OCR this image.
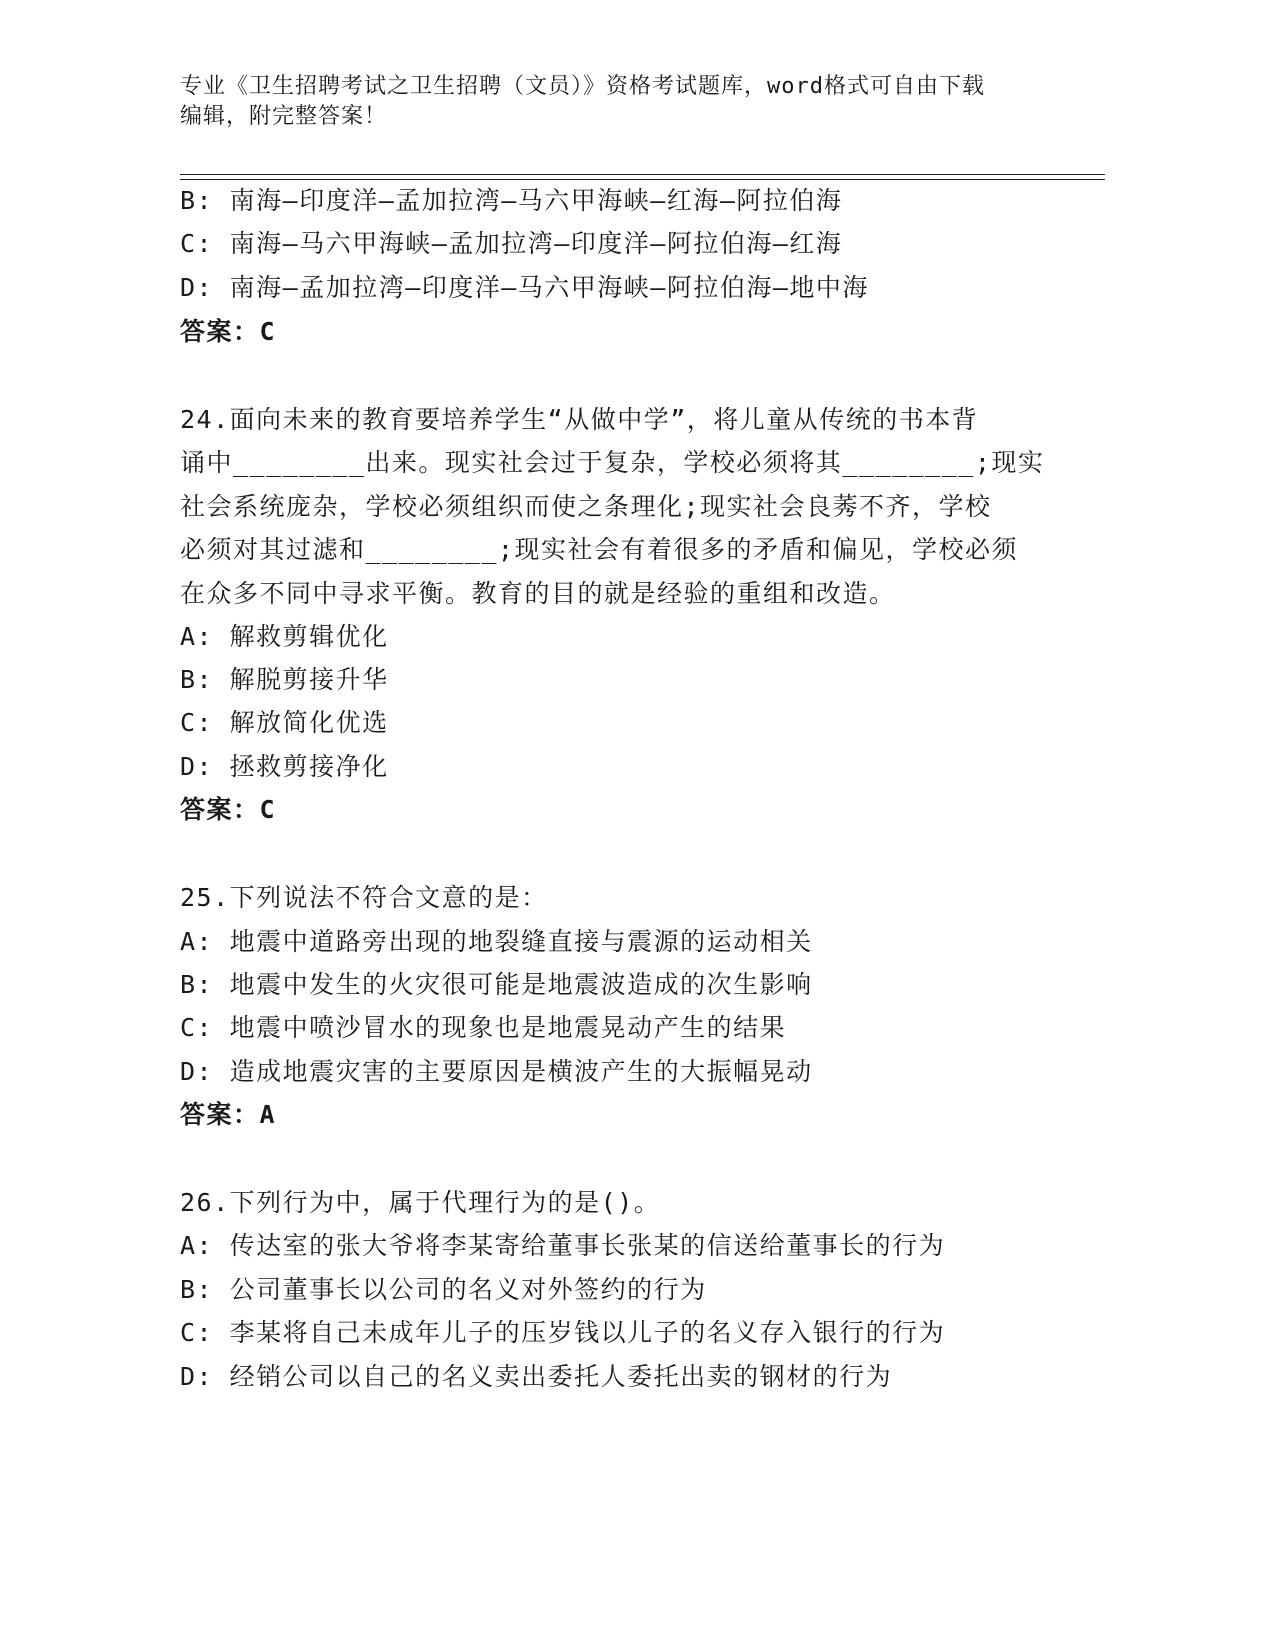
专业《卫生招聘考试之卫生招聘（文员）》资格考试题库，word格式可自由下载
编辑，附完整答案！
B: 南海—印度洋—孟加拉湾—马六甲海峡—红海—阿拉伯海
C: 南海—马六甲海峡—孟加拉湾—印度洋—阿拉伯海—红海
D: 南海—孟加拉湾—印度洋—马六甲海峡—阿拉伯海—地中海
答案：C
24.面向未来的教育要培养学生“从做中学”，将儿童从传统的书本背
诵中________出来。现实社会过于复杂，学校必须将其________;现实
社会系统庞杂，学校必须组织而使之条理化;现实社会良莠不齐，学校
必须对其过滤和________;现实社会有着很多的矛盾和偏见，学校必须
在众多不同中寻求平衡。教育的目的就是经验的重组和改造。
A: 解救剪辑优化
B: 解脱剪接升华
C: 解放简化优选
D: 拯救剪接净化
答案：C
25.下列说法不符合文意的是：
A: 地震中道路旁出现的地裂缝直接与震源的运动相关
B: 地震中发生的火灾很可能是地震波造成的次生影响
C: 地震中喷沙冒水的现象也是地震晃动产生的结果
D: 造成地震灾害的主要原因是横波产生的大振幅晃动
答案：A
26.下列行为中，属于代理行为的是()。
A: 传达室的张大爷将李某寄给董事长张某的信送给董事长的行为
B: 公司董事长以公司的名义对外签约的行为
C: 李某将自己未成年儿子的压岁钱以儿子的名义存入银行的行为
D: 经销公司以自己的名义卖出委托人委托出卖的钢材的行为
